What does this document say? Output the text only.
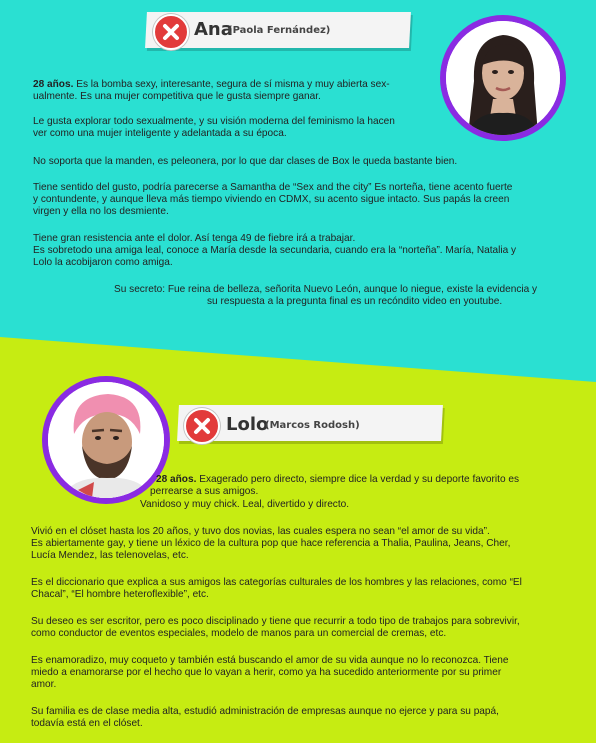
Ana
(Paola Fernández)

28 años. Es la bomba sexy, interesante, segura de sí misma y muy abierta sex-

ualmente. Es una mujer competitiva que le gusta siempre ganar.

Le gusta explorar todo sexualmente, y su visión moderna del feminismo la hacen

ver como una mujer inteligente y adelantada a su época.

No soporta que la manden, es peleonera, por lo que dar clases de Box le queda bastante bien.

Tiene sentido del gusto, podría parecerse a Samantha de “Sex and the city” Es norteña, tiene acento fuerte

y contundente, y aunque lleva más tiempo viviendo en CDMX, su acento sigue intacto. Sus papás la creen

virgen y ella no los desmiente.

Tiene gran resistencia ante el dolor. Así tenga 49 de fiebre irá a trabajar.

Es sobretodo una amiga leal, conoce a María desde la secundaria, cuando era la “norteña”. María, Natalia y

Lolo la acobijaron como amiga.

Su secreto: Fue reina de belleza, señorita Nuevo León, aunque lo niegue, existe la evidencia y

su respuesta a la pregunta final es un recóndito video en youtube.

Lolo
(Marcos Rodosh)

28 años. Exagerado pero directo, siempre dice la verdad y su deporte favorito es

perrearse a sus amigos.

Vanidoso y muy chick. Leal, divertido y directo.

Vivió en el clóset hasta los 20 años, y tuvo dos novias, las cuales espera no sean “el amor de su vida”.

Es abiertamente gay, y tiene un léxico de la cultura pop que hace referencia a Thalia, Paulina, Jeans, Cher,

Lucía Mendez, las telenovelas, etc.

Es el diccionario que explica a sus amigos las categorías culturales de los hombres y las relaciones, como “El

Chacal”, “El hombre heteroflexible”, etc.

Su deseo es ser escritor, pero es poco disciplinado y tiene que recurrir a todo tipo de trabajos para sobrevivir,

como conductor de eventos especiales, modelo de manos para un comercial de cremas, etc.

Es enamoradizo, muy coqueto y también está buscando el amor de su vida aunque no lo reconozca. Tiene

miedo a enamorarse por el hecho que lo vayan a herir, como ya ha sucedido anteriormente por su primer

amor.

Su familia es de clase media alta, estudió administración de empresas aunque no ejerce y para su papá,

todavía está en el clóset.
